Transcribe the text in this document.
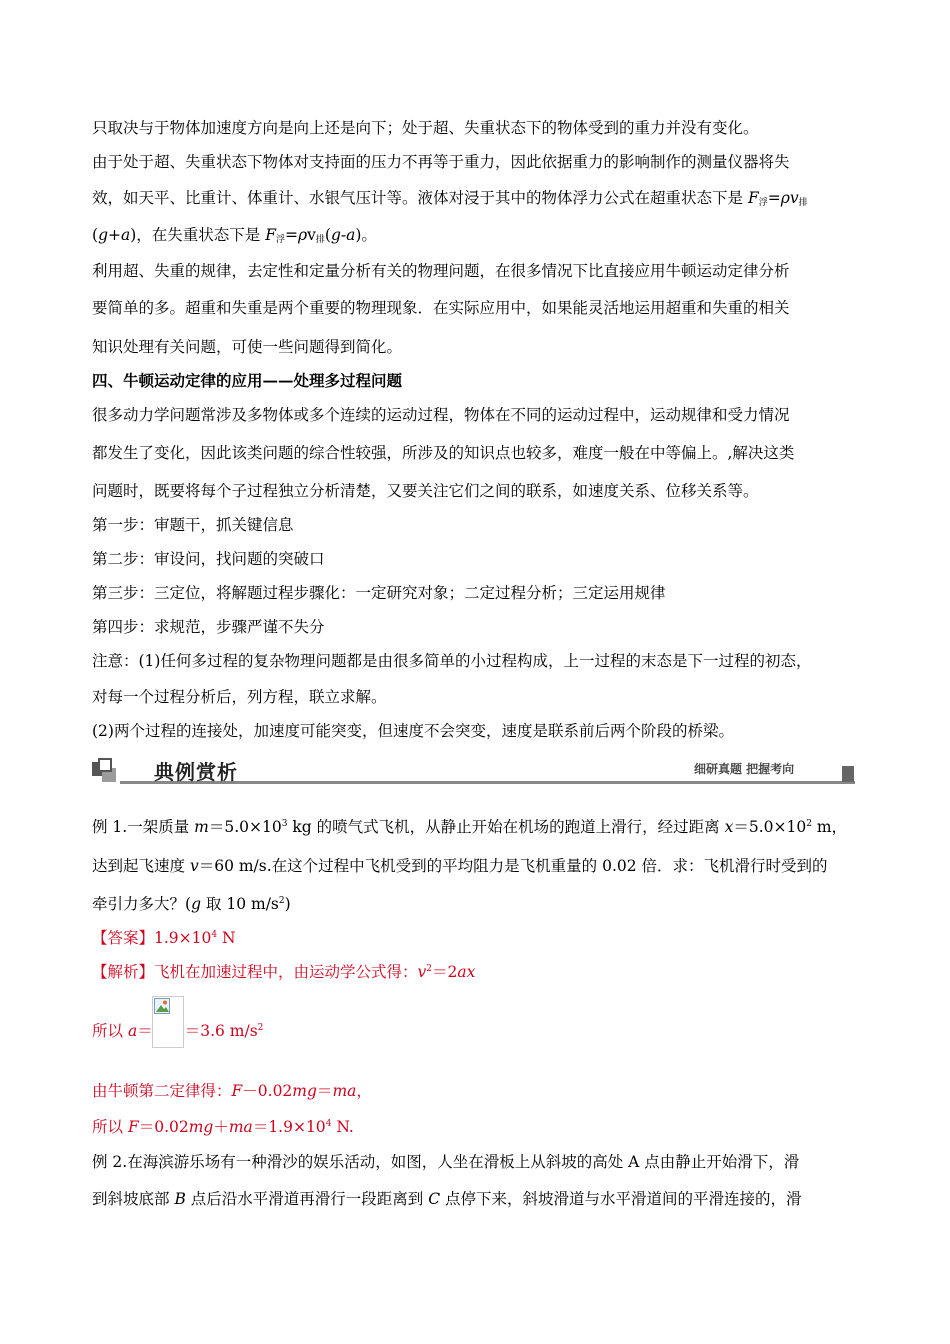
只取决与于物体加速度方向是向上还是向下；处于超、失重状态下的物体受到的重力并没有变化。
由于处于超、失重状态下物体对支持面的压力不再等于重力，因此依据重力的影响制作的测量仪器将失
效，如天平、比重计、体重计、水银气压计等。液体对浸于其中的物体浮力公式在超重状态下是 $F_浮=\rho v_排$
(g+a)，在失重状态下是 $F_浮=\rho v_排(g-a)$。
利用超、失重的规律，去定性和定量分析有关的物理问题，在很多情况下比直接应用牛顿运动定律分析
要简单的多。超重和失重是两个重要的物理现象．在实际应用中，如果能灵活地运用超重和失重的相关
知识处理有关问题，可使一些问题得到简化。
四、牛顿运动定律的应用——处理多过程问题
很多动力学问题常涉及多物体或多个连续的运动过程，物体在不同的运动过程中，运动规律和受力情况
都发生了变化，因此该类问题的综合性较强，所涉及的知识点也较多，难度一般在中等偏上。,解决这类
问题时，既要将每个子过程独立分析清楚，又要关注它们之间的联系，如速度关系、位移关系等。
第一步：审题干，抓关键信息
第二步：审设问，找问题的突破口
第三步：三定位，将解题过程步骤化：一定研究对象；二定过程分析；三定运用规律
第四步：求规范，步骤严谨不失分
注意：(1)任何多过程的复杂物理问题都是由很多简单的小过程构成，上一过程的末态是下一过程的初态，
对每一个过程分析后，列方程，联立求解。
(2)两个过程的连接处，加速度可能突变，但速度不会突变，速度是联系前后两个阶段的桥梁。
典例赏析	细研真题 把握考向
例 1.一架质量 $m=5.0\times 10^3$ kg 的喷气式飞机，从静止开始在机场的跑道上滑行，经过距离 $x=5.0\times 10^2$ m，
达到起飞速度 v＝60 m/s.在这个过程中飞机受到的平均阻力是飞机重量的 0.02 倍．求：飞机滑行时受到的
牵引力多大？(g 取 10 $m/s^2$)
【答案】$1.9\times 10^4$ N
【解析】飞机在加速过程中，由运动学公式得：$v^2=2ax$
所以 a＝ ＝3.6 $m/s^2$
由牛顿第二定律得：F－0.02mg＝ma，
所以 $F=0.02mg+ma=1.9\times 10^4$ N.
例 2.在海滨游乐场有一种滑沙的娱乐活动，如图，人坐在滑板上从斜坡的高处 A 点由静止开始滑下，滑
到斜坡底部 B 点后沿水平滑道再滑行一段距离到 C 点停下来，斜坡滑道与水平滑道间的平滑连接的，滑
